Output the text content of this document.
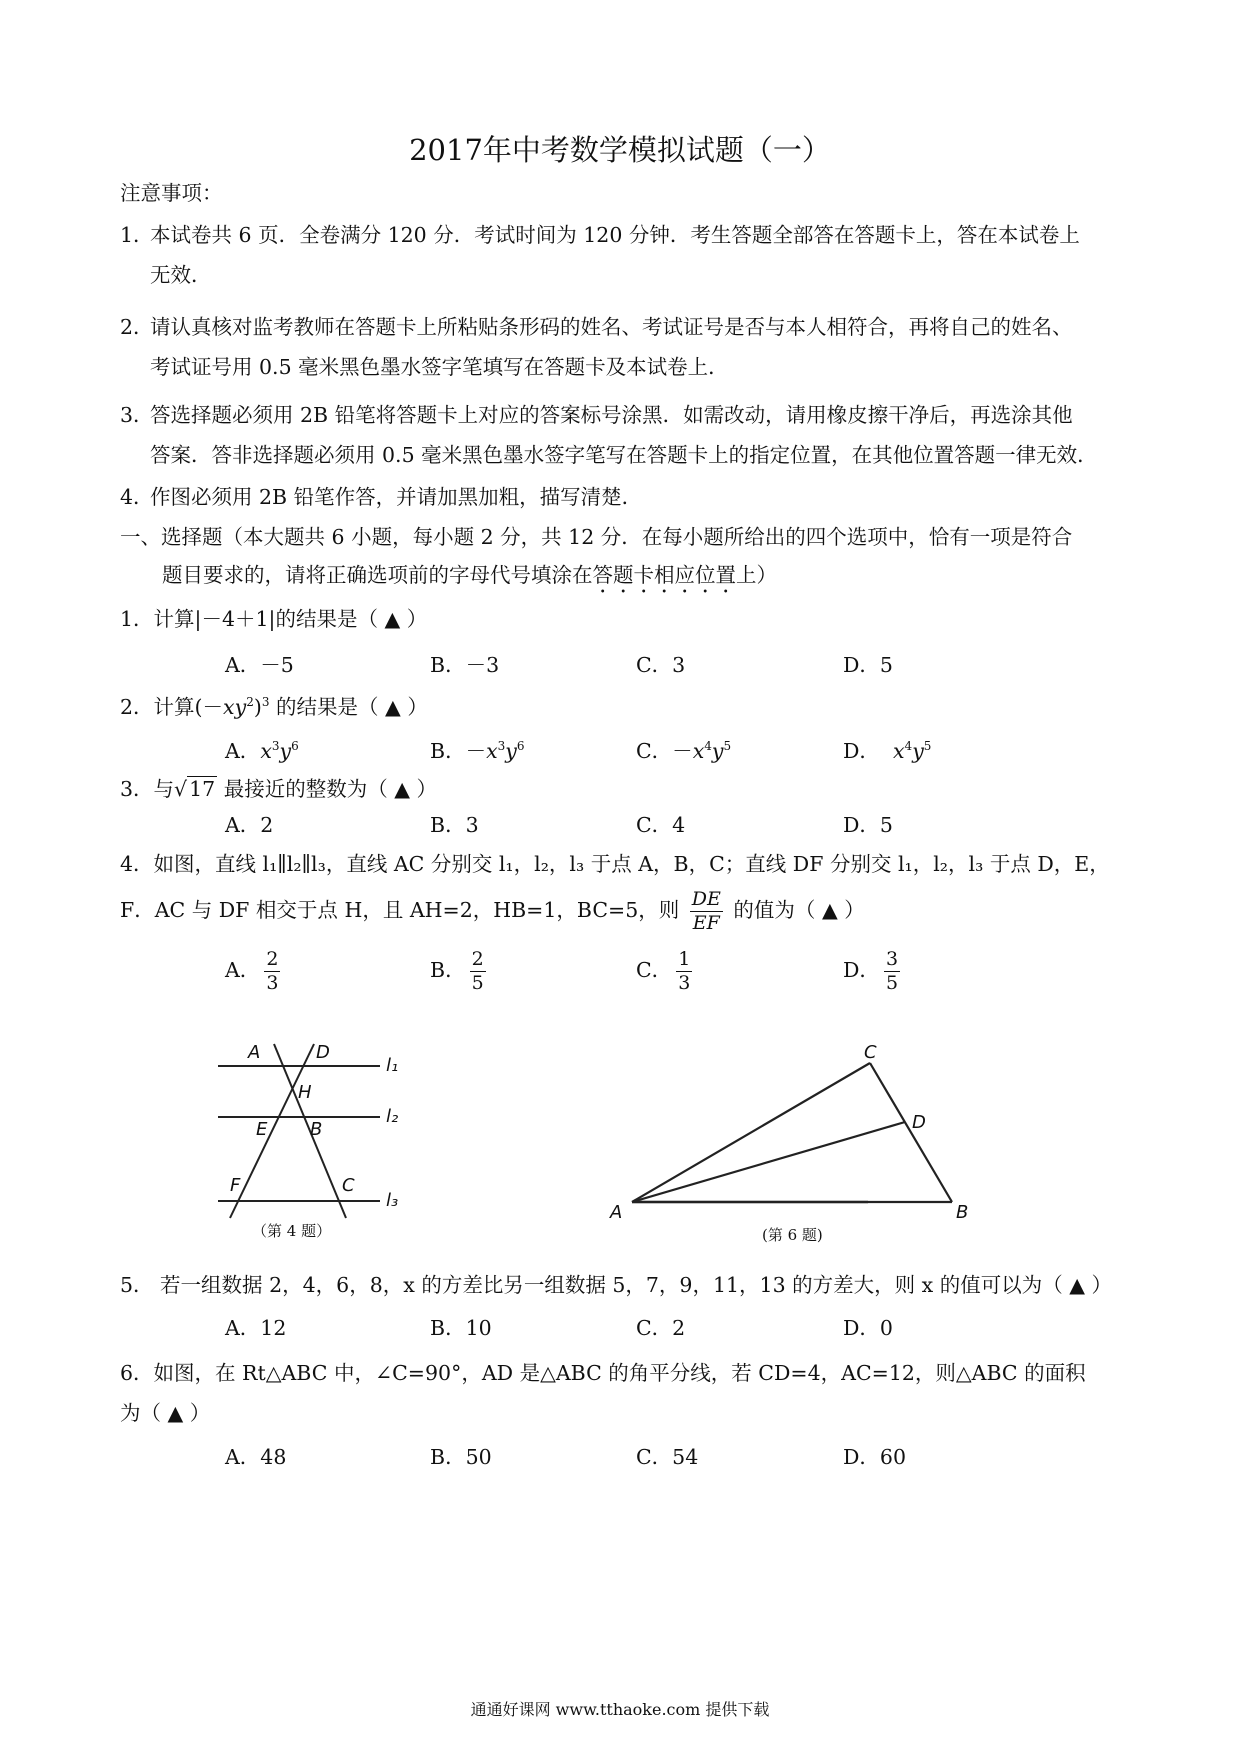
2017年中考数学模拟试题（一）
注意事项：
1．
本试卷共 6 页．全卷满分 120 分．考试时间为 120 分钟．考生答题全部答在答题卡上，答在本试卷上
无效．
2．
请认真核对监考教师在答题卡上所粘贴条形码的姓名、考试证号是否与本人相符合，再将自己的姓名、
考试证号用 0.5 毫米黑色墨水签字笔填写在答题卡及本试卷上．
3．
答选择题必须用 2B 铅笔将答题卡上对应的答案标号涂黑．如需改动，请用橡皮擦干净后，再选涂其他
答案．答非选择题必须用 0.5 毫米黑色墨水签字笔写在答题卡上的指定位置，在其他位置答题一律无效．
4．
作图必须用 2B 铅笔作答，并请加黑加粗，描写清楚．
一、选择题（本大题共 6 小题，每小题 2 分，共 12 分．在每小题所给出的四个选项中，恰有一项是符合
题目要求的，请将正确选项前的字母代号填涂在答题卡相应位置上）
1．计算|－4＋1|的结果是（ ▲ ）
A．－5	B．－3	C．3	D．5
2．计算$(-xy^2)^3$ 的结果是（ ▲ ）
A．$x^3y^6$	B．$-x^3y^6$	C．$-x^4y^5$	D． $x^4y^5$
3．与√17 最接近的整数为（ ▲ ）
A．2	B．3	C．4	D．5
4．如图，直线 l₁∥l₂∥l₃，直线 AC 分别交 l₁，l₂，l₃ 于点 A，B，C；直线 DF 分别交 l₁，l₂，l₃ 于点 D，E，
F．AC 与 DF 相交于点 H，且 AH=2，HB=1，BC=5，则 $\frac{DE}{EF}$ 的值为（ ▲ ）
A． $\frac{2}{3}$	B． $\frac{2}{5}$	C． $\frac{1}{3}$	D． $\frac{3}{5}$
A	D
H
E B
F	C
l₁
l₂
l₃
（第 4 题）
A	B
C
D
(第 6 题)
5． 若一组数据 2，4，6，8，x 的方差比另一组数据 5，7，9，11，13 的方差大，则 x 的值可以为（ ▲ ）
A．12	B．10	C．2	D．0
6．如图，在 Rt△ABC 中，∠C=90°，AD 是△ABC 的角平分线，若 CD=4，AC=12，则△ABC 的面积
为（ ▲ ）
A．48	B．50	C．54	D．60
通通好课网 www.tthaoke.com 提供下载
